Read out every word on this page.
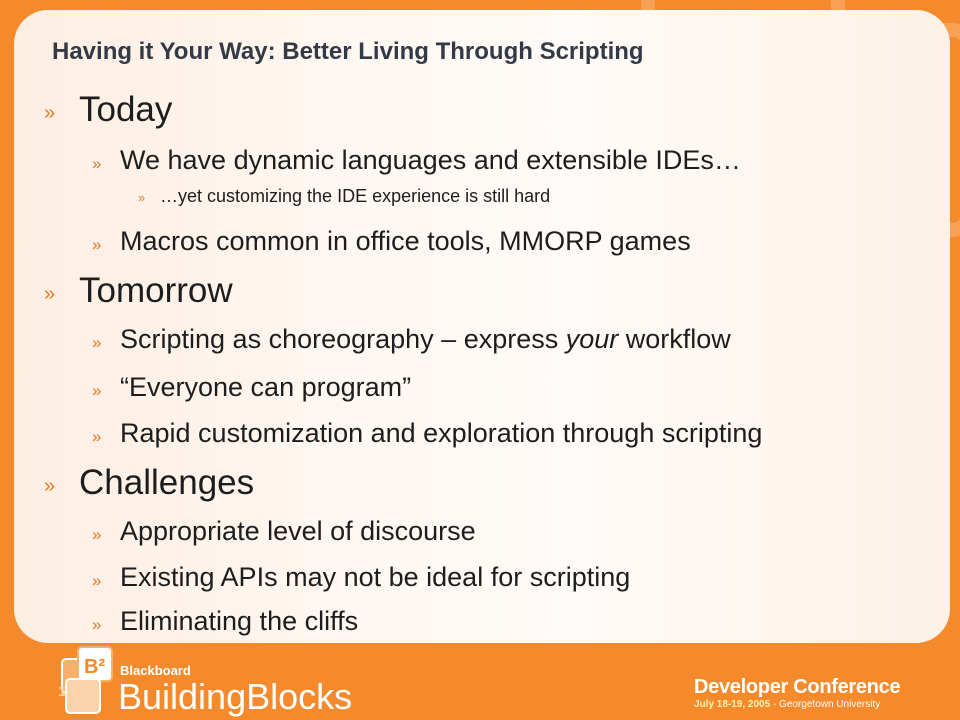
Having it Your Way: Better Living Through Scripting
» Today
» We have dynamic languages and extensible IDEs…
» …yet customizing the IDE experience is still hard
» Macros common in office tools, MMORP games
» Tomorrow
» Scripting as choreography – express your workflow
» “Everyone can program”
» Rapid customization and exploration through scripting
» Challenges
» Appropriate level of discourse
» Existing APIs may not be ideal for scripting
» Eliminating the cliffs
B² Blackboard
BuildingBlocks
16	Developer Conference
July 18-19, 2005 - Georgetown University
